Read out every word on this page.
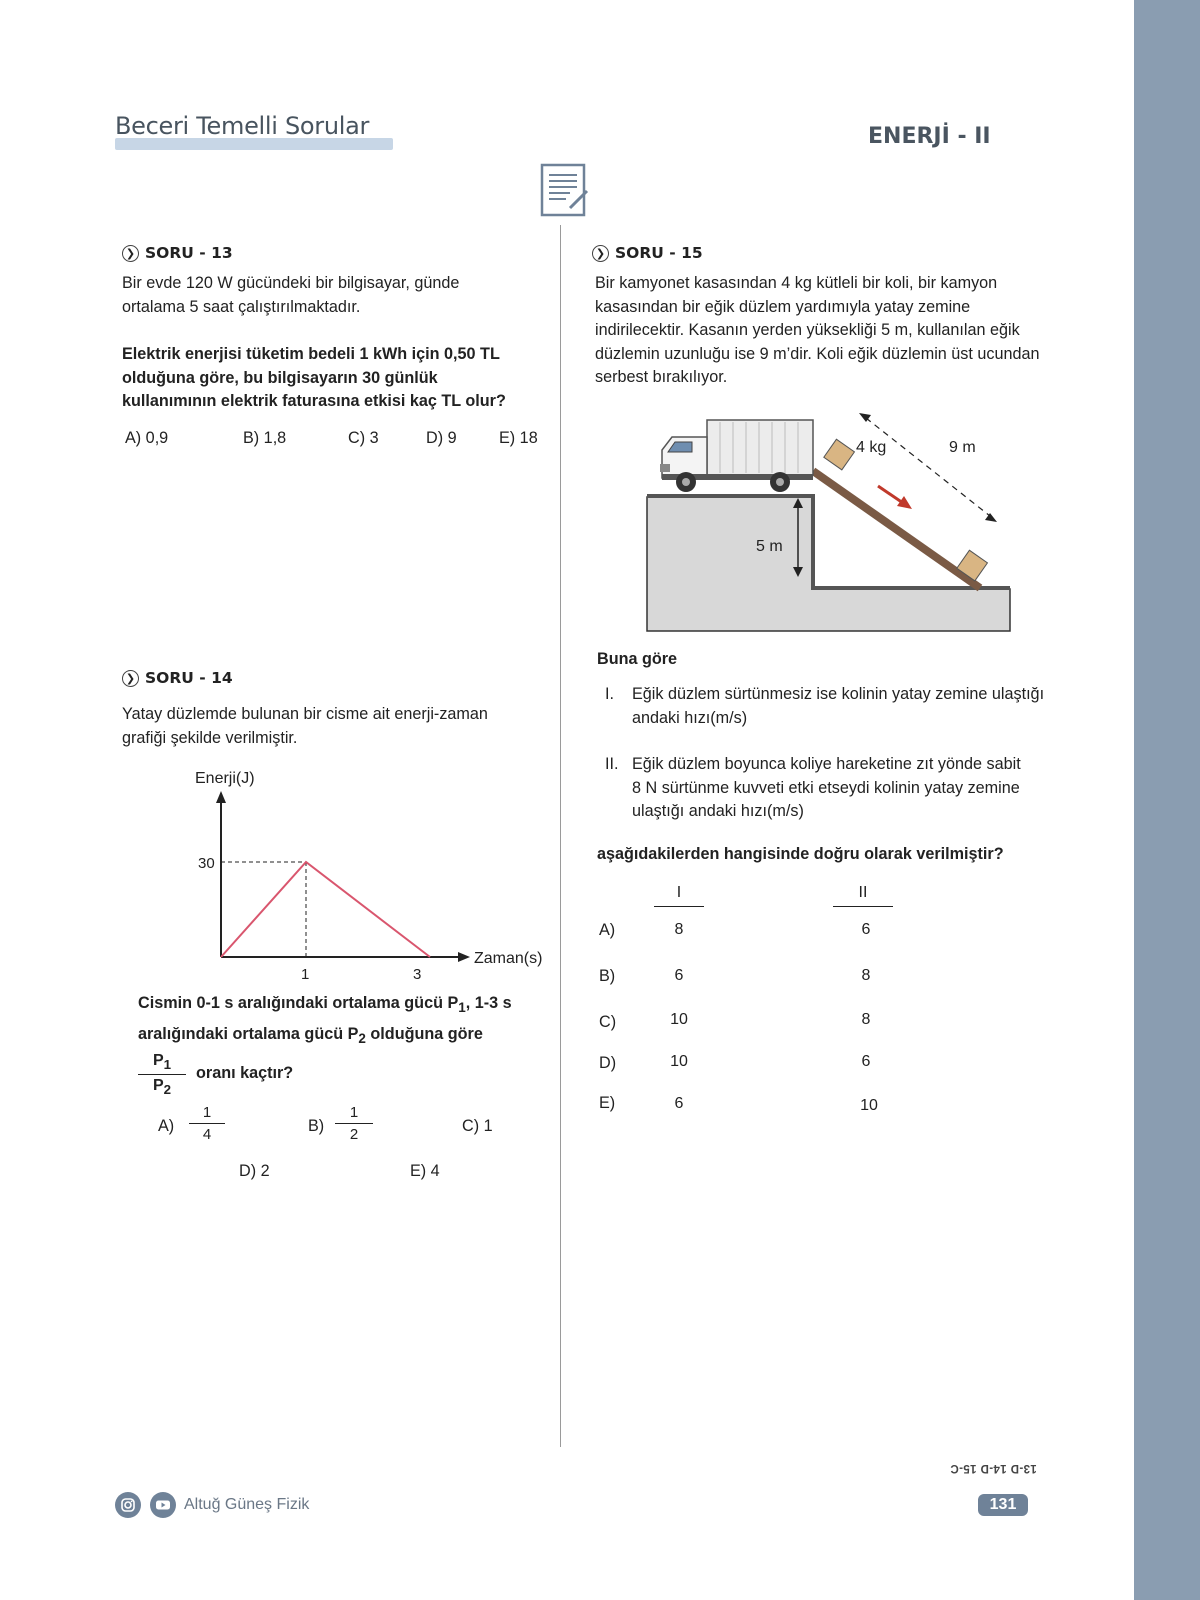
Beceri Temelli Sorular	ENERJİ - II
❯ SORU - 13
Bir evde 120 W gücündeki bir bilgisayar, günde
ortalama 5 saat çalıştırılmaktadır.
Elektrik enerjisi tüketim bedeli 1 kWh için 0,50 TL
olduğuna göre, bu bilgisayarın 30 günlük
kullanımının elektrik faturasına etkisi kaç TL olur?
A) 0,9	B) 1,8	C) 3	D) 9	E) 18
❯ SORU - 14
Yatay düzlemde bulunan bir cisme ait enerji-zaman
grafiği şekilde verilmiştir.
Enerji(J)
Zaman(s)
30
1	3
Cismin 0-1 s aralığındaki ortalama gücü $P_1$, 1-3 s
aralığındaki ortalama gücü $P_2$ olduğuna göre
$P_1$
$P_2$
oranı kaçtır?
A)
1
4	B)
1
2	C) 1
D) 2	E) 4
❯ SORU - 15
Bir kamyonet kasasından 4 kg kütleli bir koli, bir kamyon
kasasından bir eğik düzlem yardımıyla yatay zemine
indirilecektir. Kasanın yerden yüksekliği 5 m, kullanılan eğik
düzlemin uzunluğu ise 9 m’dir. Koli eğik düzlemin üst ucundan
serbest bırakılıyor.
4 kg	9 m
5 m
Buna göre
I. Eğik düzlem sürtünmesiz ise kolinin yatay zemine ulaştığı
andaki hızı(m/s)
II. Eğik düzlem boyunca koliye hareketine zıt yönde sabit
8 N sürtünme kuvveti etki etseydi kolinin yatay zemine
ulaştığı andaki hızı(m/s)
aşağıdakilerden hangisinde doğru olarak verilmiştir?
I	II
A)	8	6
B)	6	8
C)	10	8
D)	10	6
E)	6	10
Altuğ Güneş Fizik
13-D 14-D 15-C
131
